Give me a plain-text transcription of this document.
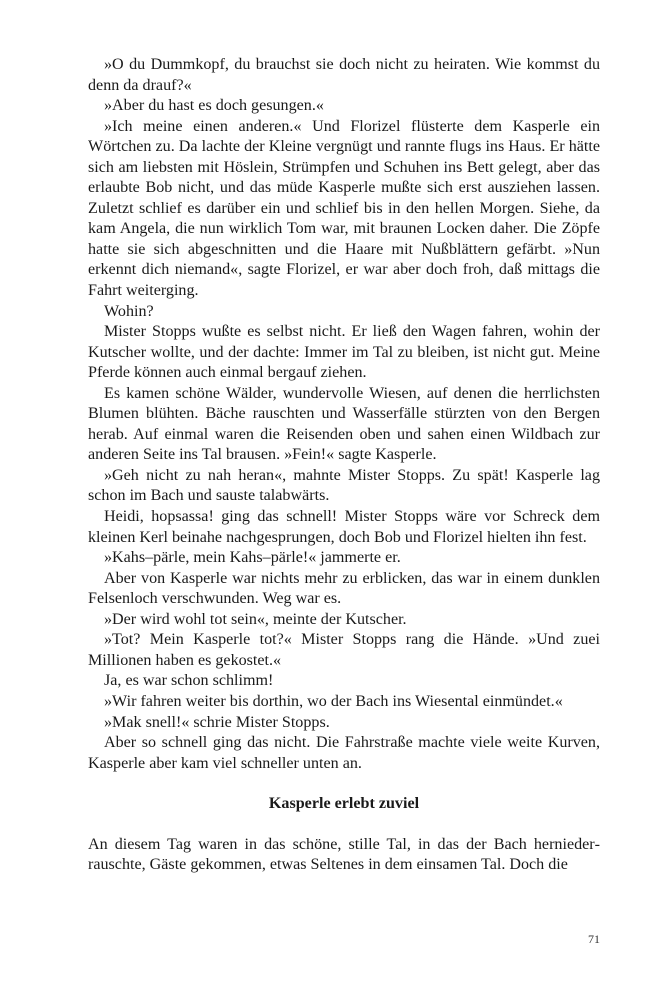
»O du Dummkopf, du brauchst sie doch nicht zu heiraten. Wie kommst du denn da drauf?«

»Aber du hast es doch gesungen.«

»Ich meine einen anderen.« Und Florizel flüsterte dem Kasperle ein Wörtchen zu. Da lachte der Kleine vergnügt und rannte flugs ins Haus. Er hätte sich am liebsten mit Höslein, Strümpfen und Schuhen ins Bett gelegt, aber das erlaubte Bob nicht, und das müde Kasperle mußte sich erst ausziehen lassen. Zuletzt schlief es darüber ein und schlief bis in den hellen Morgen. Siehe, da kam Angela, die nun wirklich Tom war, mit braunen Locken daher. Die Zöpfe hatte sie sich abgeschnitten und die Haare mit Nußblättern gefärbt. »Nun erkennt dich niemand«, sagte Florizel, er war aber doch froh, daß mittags die Fahrt weiterging.

Wohin?

Mister Stopps wußte es selbst nicht. Er ließ den Wagen fahren, wohin der Kutscher wollte, und der dachte: Immer im Tal zu bleiben, ist nicht gut. Meine Pferde können auch einmal bergauf ziehen.

Es kamen schöne Wälder, wundervolle Wiesen, auf denen die herrlichsten Blumen blühten. Bäche rauschten und Wasserfälle stürzten von den Bergen herab. Auf einmal waren die Reisenden oben und sahen einen Wildbach zur anderen Seite ins Tal brausen. »Fein!« sagte Kasperle.

»Geh nicht zu nah heran«, mahnte Mister Stopps. Zu spät! Kasperle lag schon im Bach und sauste talabwärts.

Heidi, hopsassa! ging das schnell! Mister Stopps wäre vor Schreck dem kleinen Kerl beinahe nachgesprungen, doch Bob und Florizel hielten ihn fest.

»Kahs–pärle, mein Kahs–pärle!« jammerte er.

Aber von Kasperle war nichts mehr zu erblicken, das war in einem dunklen Felsenloch verschwunden. Weg war es.

»Der wird wohl tot sein«, meinte der Kutscher.

»Tot? Mein Kasperle tot?« Mister Stopps rang die Hände. »Und zuei Millionen haben es gekostet.«

Ja, es war schon schlimm!

»Wir fahren weiter bis dorthin, wo der Bach ins Wiesental einmündet.«

»Mak snell!« schrie Mister Stopps.

Aber so schnell ging das nicht. Die Fahrstraße machte viele weite Kurven, Kasperle aber kam viel schneller unten an.

Kasperle erlebt zuviel

An diesem Tag waren in das schöne, stille Tal, in das der Bach herniederrauschte, Gäste gekommen, etwas Seltenes in dem einsamen Tal. Doch die

71
